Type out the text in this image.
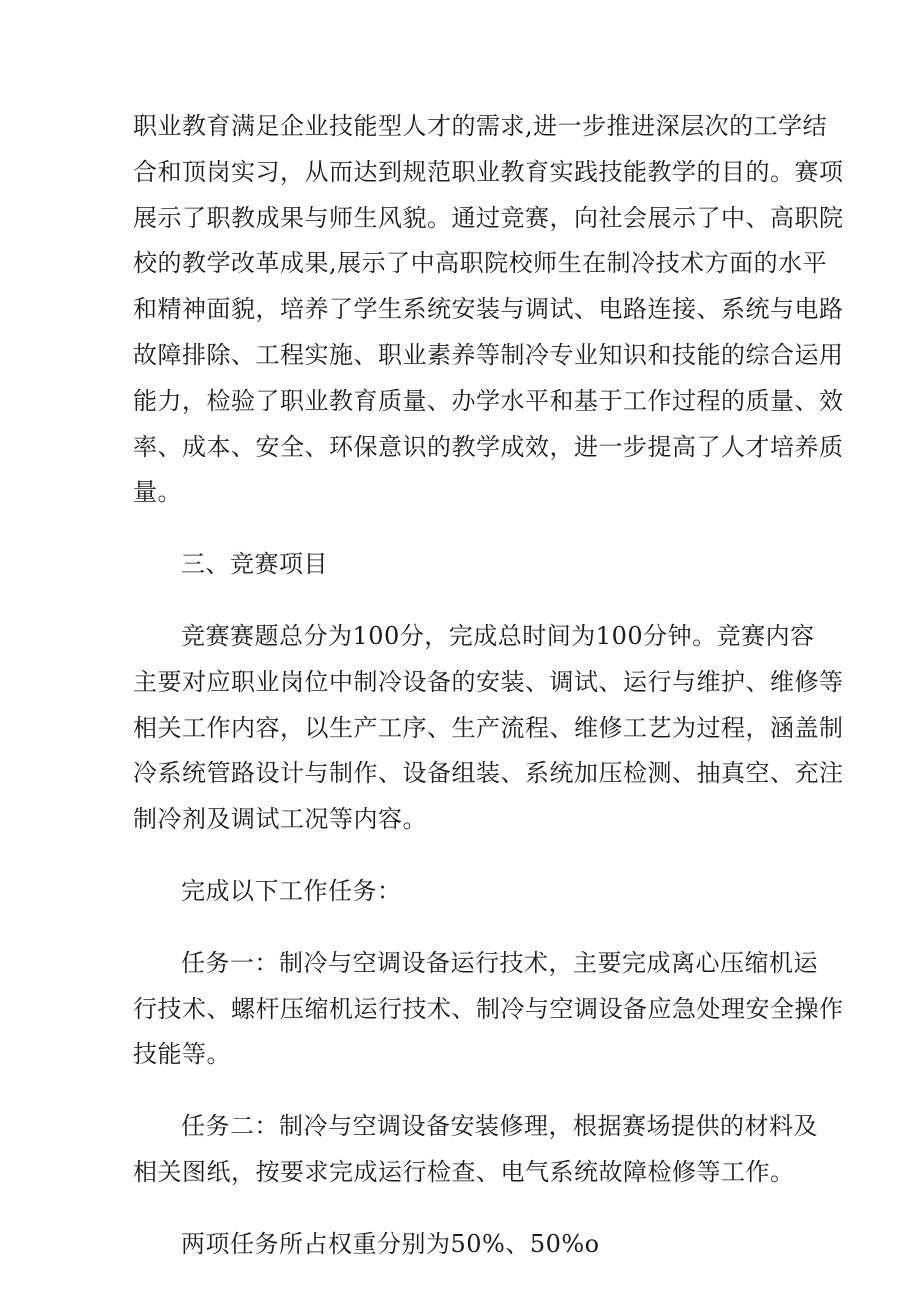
职业教育满足企业技能型人才的需求,进一步推进深层次的工学结
合和顶岗实习，从而达到规范职业教育实践技能教学的目的。赛项
展示了职教成果与师生风貌。通过竞赛，向社会展示了中、高职院
校的教学改革成果,展示了中高职院校师生在制冷技术方面的水平
和精神面貌，培养了学生系统安装与调试、电路连接、系统与电路
故障排除、工程实施、职业素养等制冷专业知识和技能的综合运用
能力，检验了职业教育质量、办学水平和基于工作过程的质量、效
率、成本、安全、环保意识的教学成效，进一步提高了人才培养质
量。
三、竞赛项目
竞赛赛题总分为100分，完成总时间为100分钟。竞赛内容
主要对应职业岗位中制冷设备的安装、调试、运行与维护、维修等
相关工作内容，以生产工序、生产流程、维修工艺为过程，涵盖制
冷系统管路设计与制作、设备组装、系统加压检测、抽真空、充注
制冷剂及调试工况等内容。
完成以下工作任务：
任务一：制冷与空调设备运行技术，主要完成离心压缩机运
行技术、螺杆压缩机运行技术、制冷与空调设备应急处理安全操作
技能等。
任务二：制冷与空调设备安装修理，根据赛场提供的材料及
相关图纸，按要求完成运行检查、电气系统故障检修等工作。
两项任务所占权重分别为50%、50%o
